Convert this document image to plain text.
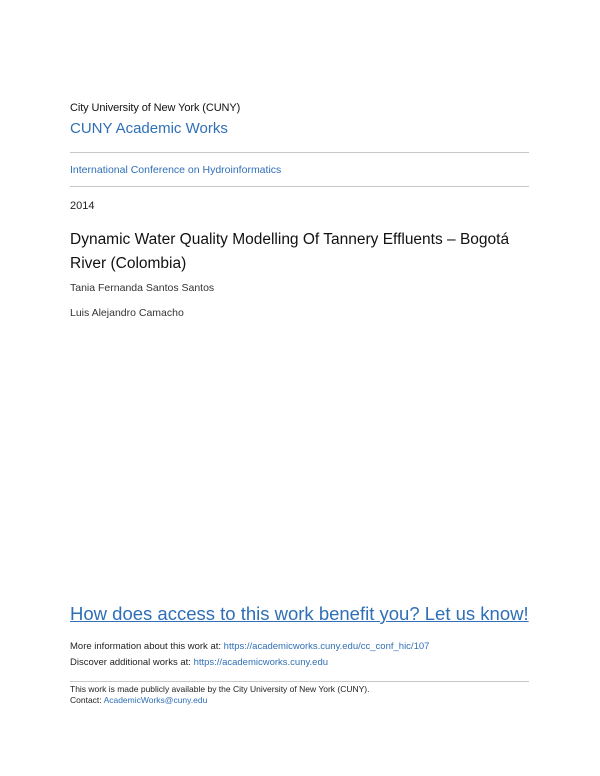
City University of New York (CUNY)
CUNY Academic Works
International Conference on Hydroinformatics
2014
Dynamic Water Quality Modelling Of Tannery Effluents – Bogotá River (Colombia)
Tania Fernanda Santos Santos
Luis Alejandro Camacho
How does access to this work benefit you? Let us know!
More information about this work at: https://academicworks.cuny.edu/cc_conf_hic/107
Discover additional works at: https://academicworks.cuny.edu
This work is made publicly available by the City University of New York (CUNY).
Contact: AcademicWorks@cuny.edu
